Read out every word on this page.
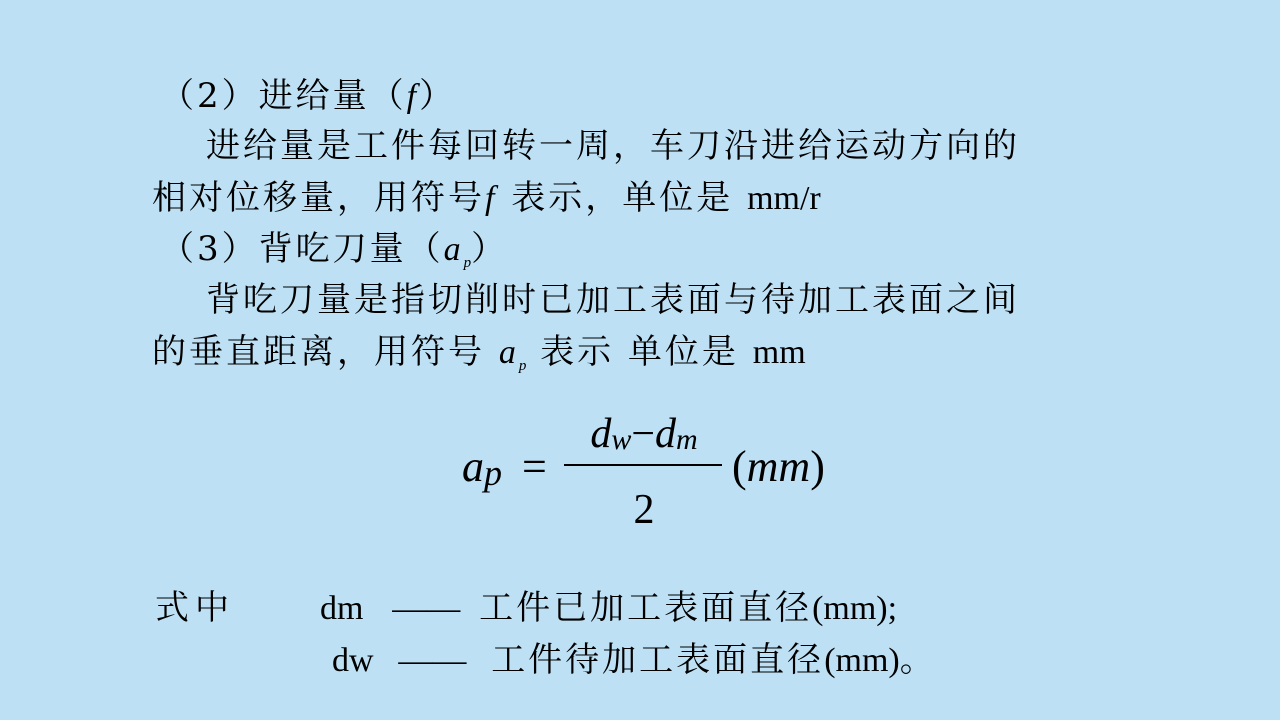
（2）进给量（f）
进给量是工件每回转一周，车刀沿进给运动方向的
相对位移量，用符号f 表示，单位是 mm/r
（3）背吃刀量$(a_p)$
背吃刀量是指切削时已加工表面与待加工表面之间
的垂直距离，用符号 $a_p$ 表示 单位是 mm
ap =
dw−dm
2
(mm)
式中	dm —— 工件已加工表面直径(mm);
dw —— 工件待加工表面直径(mm)。
